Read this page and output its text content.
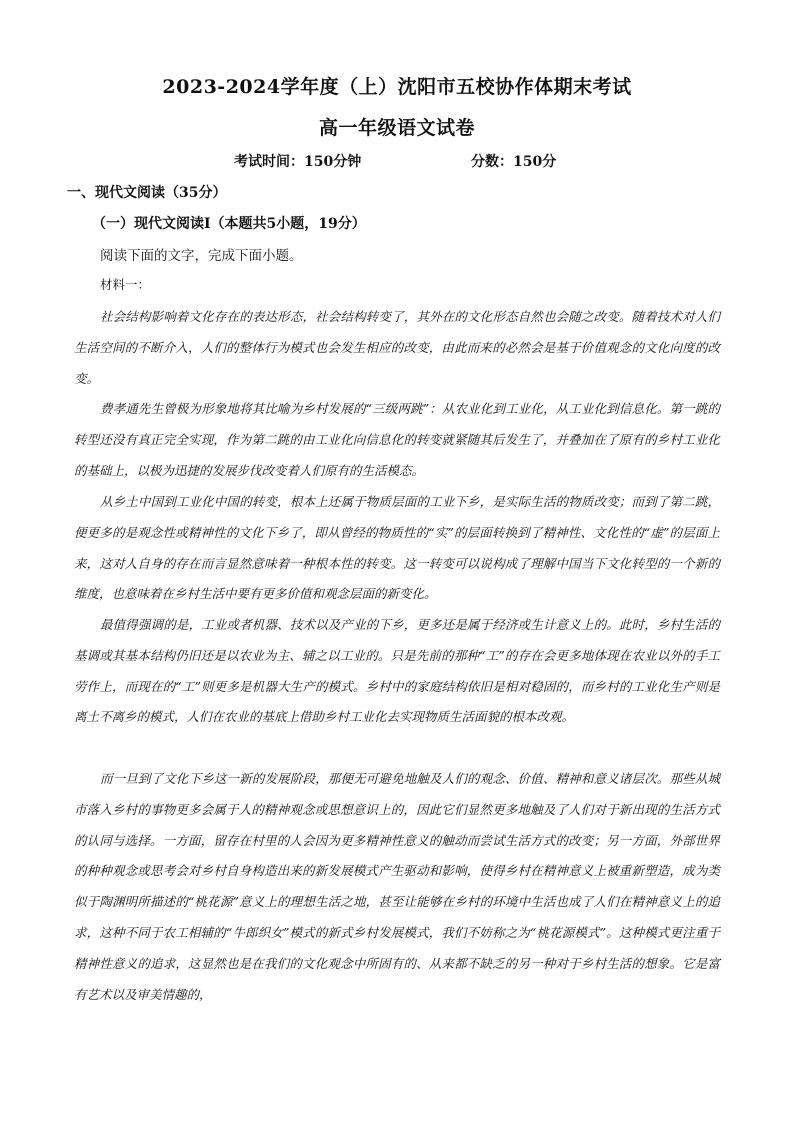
2023-2024学年度（上）沈阳市五校协作体期末考试
高一年级语文试卷
考试时间：150分钟	分数：150分
一、现代文阅读（35分）
（一）现代文阅读Ⅰ（本题共5小题，19分）
阅读下面的文字，完成下面小题。
材料一：

社会结构影响着文化存在的表达形态，社会结构转变了，其外在的文化形态自然也会随之改变。随着技术对人们生活空间的不断介入，人们的整体行为模式也会发生相应的改变，由此而来的必然会是基于价值观念的文化向度的改变。

费孝通先生曾极为形象地将其比喻为乡村发展的“三级两跳”：从农业化到工业化，从工业化到信息化。第一跳的转型还没有真正完全实现，作为第二跳的由工业化向信息化的转变就紧随其后发生了，并叠加在了原有的乡村工业化的基础上，以极为迅捷的发展步伐改变着人们原有的生活模态。

从乡土中国到工业化中国的转变，根本上还属于物质层面的工业下乡，是实际生活的物质改变；而到了第二跳，便更多的是观念性或精神性的文化下乡了，即从曾经的物质性的“实”的层面转换到了精神性、文化性的“虚”的层面上来，这对人自身的存在而言显然意味着一种根本性的转变。这一转变可以说构成了理解中国当下文化转型的一个新的维度，也意味着在乡村生活中要有更多价值和观念层面的新变化。

最值得强调的是，工业或者机器、技术以及产业的下乡，更多还是属于经济或生计意义上的。此时，乡村生活的基调或其基本结构仍旧还是以农业为主、辅之以工业的。只是先前的那种“工”的存在会更多地体现在农业以外的手工劳作上，而现在的“工”则更多是机器大生产的模式。乡村中的家庭结构依旧是相对稳固的，而乡村的工业化生产则是离土不离乡的模式，人们在农业的基底上借助乡村工业化去实现物质生活面貌的根本改观。

而一旦到了文化下乡这一新的发展阶段，那便无可避免地触及人们的观念、价值、精神和意义诸层次。那些从城市落入乡村的事物更多会属于人的精神观念或思想意识上的，因此它们显然更多地触及了人们对于新出现的生活方式的认同与选择。一方面，留存在村里的人会因为更多精神性意义的触动而尝试生活方式的改变；另一方面，外部世界的种种观念或思考会对乡村自身构造出来的新发展模式产生驱动和影响，使得乡村在精神意义上被重新塑造，成为类似于陶渊明所描述的“桃花源”意义上的理想生活之地，甚至让能够在乡村的环境中生活也成了人们在精神意义上的追求，这种不同于农工相辅的“牛郎织女”模式的新式乡村发展模式，我们不妨称之为“桃花源模式”。这种模式更注重于精神性意义的追求，这显然也是在我们的文化观念中所固有的、从来都不缺乏的另一种对于乡村生活的想象。它是富有艺术以及审美情趣的，
